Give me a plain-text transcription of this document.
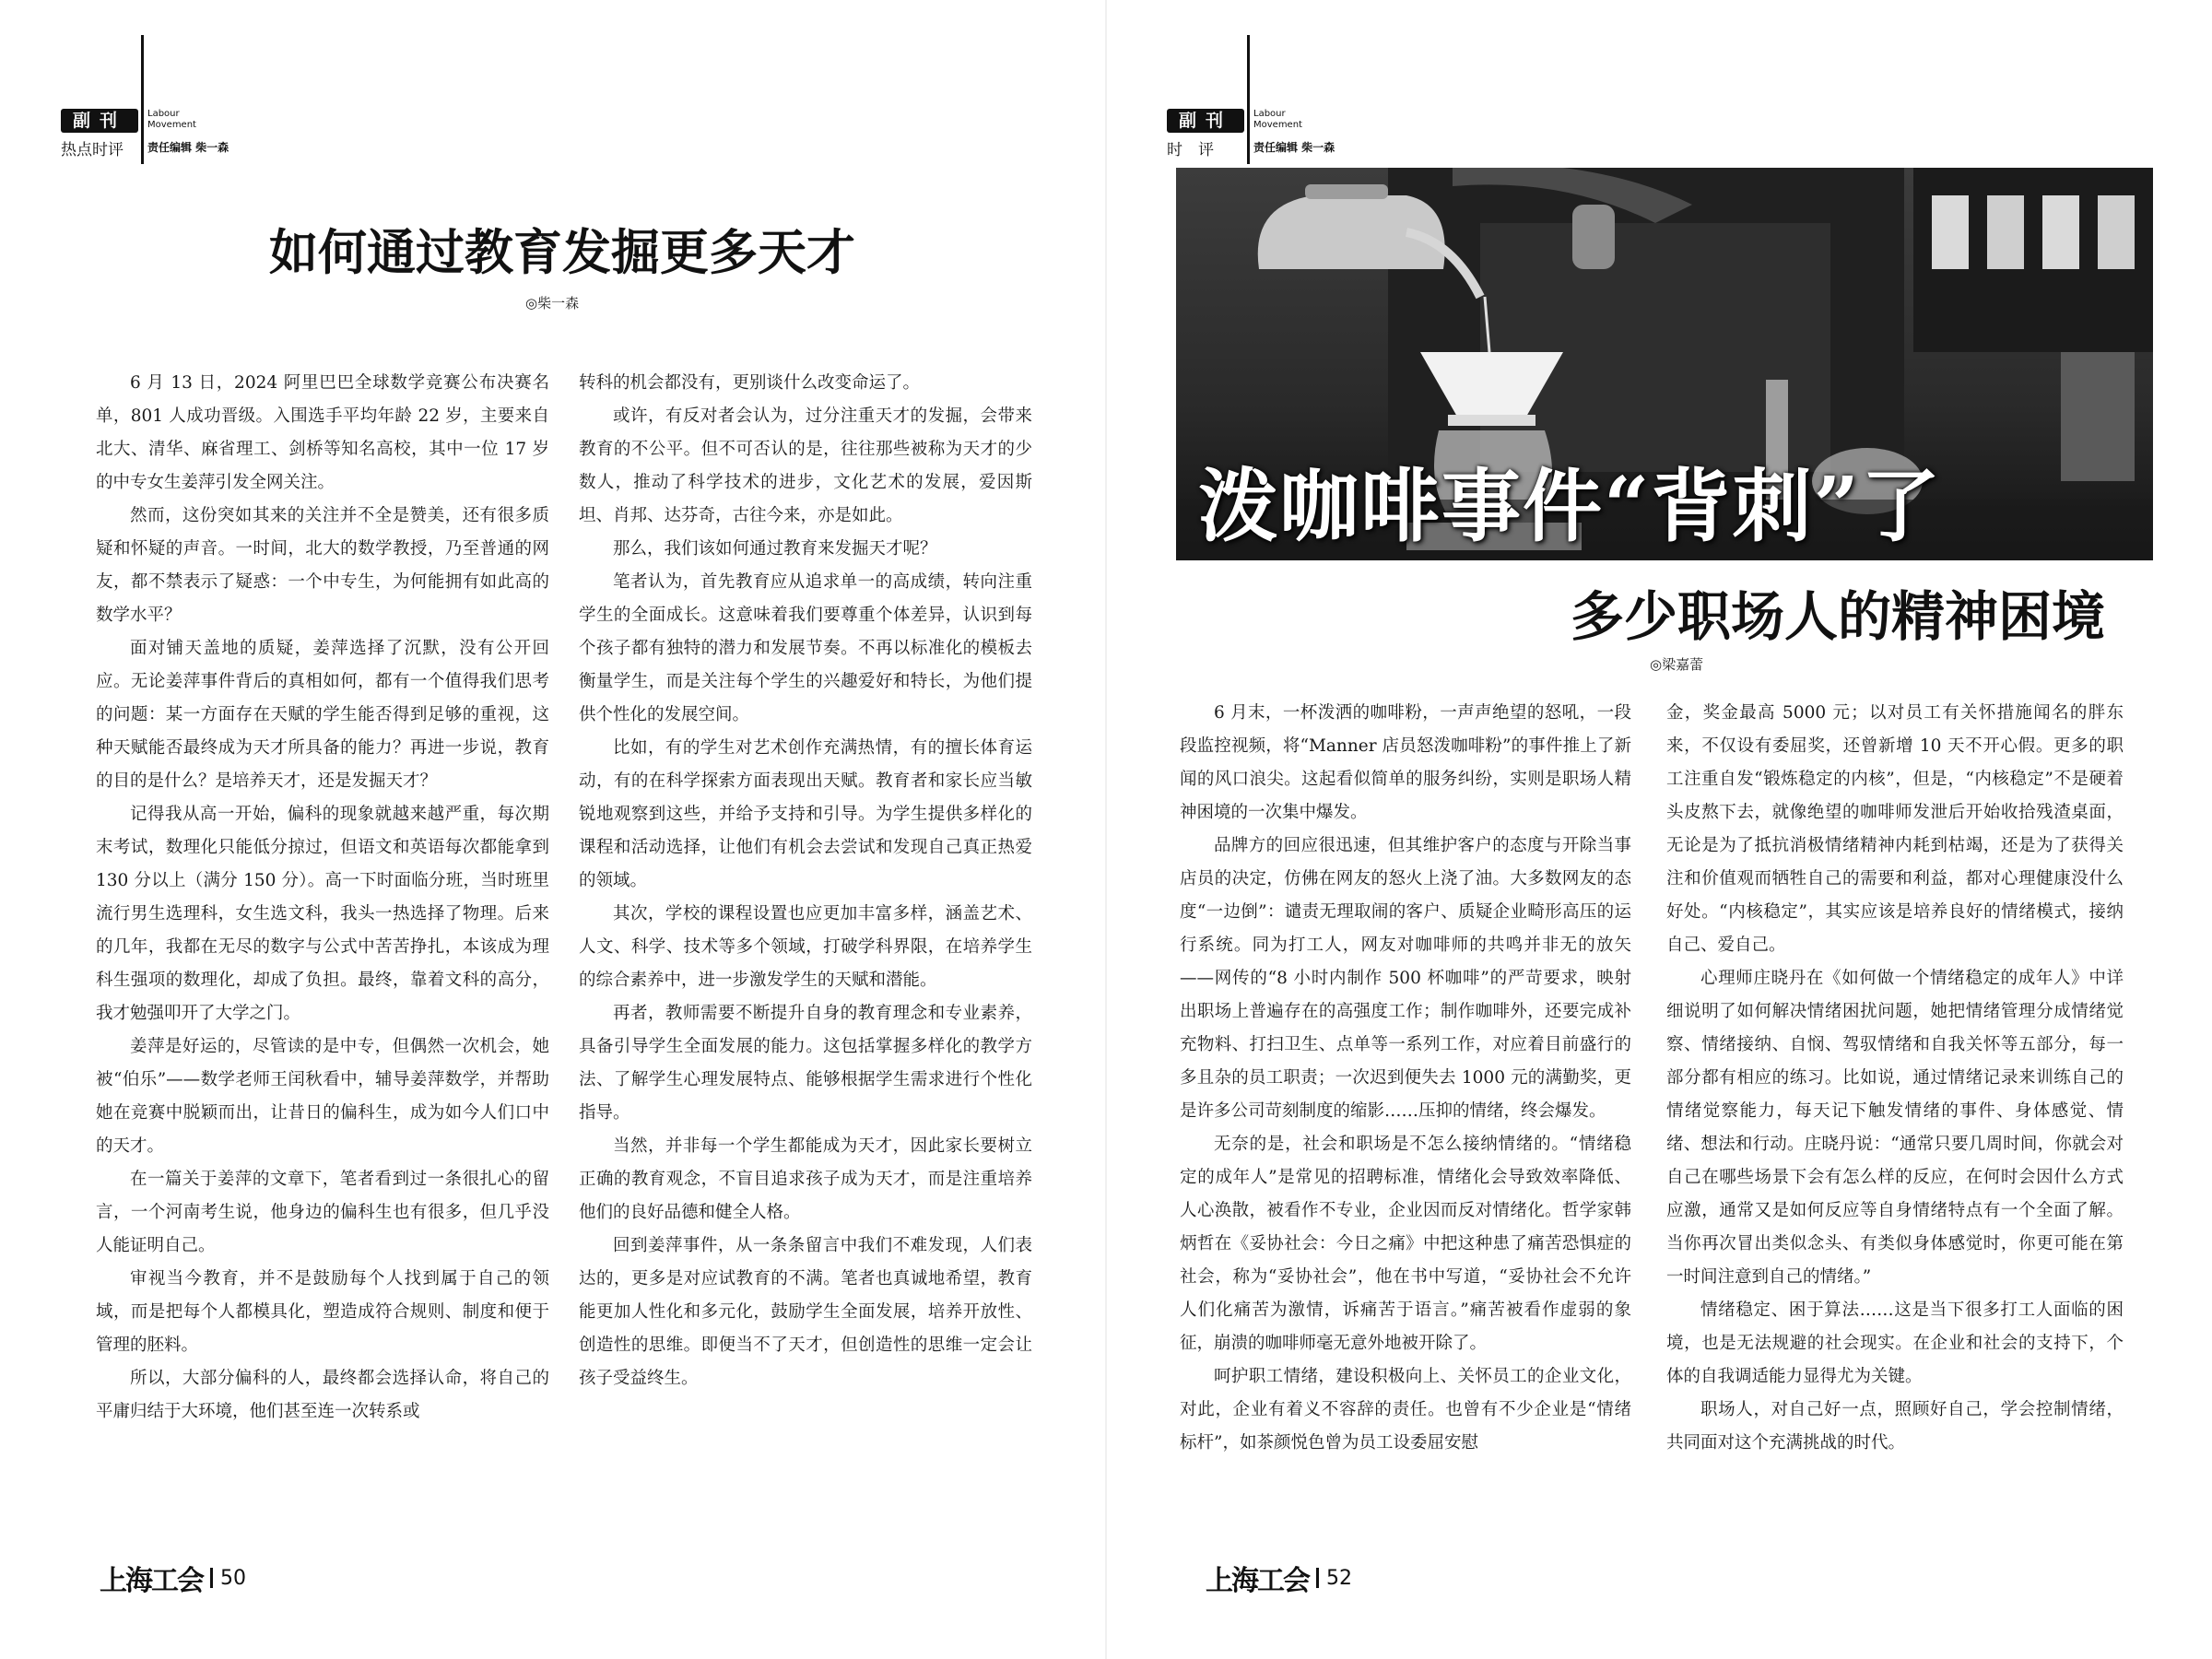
副刊	Labour
Movement
热点时评 责任编辑 柴一森
如何通过教育发掘更多天才
◎柴一森

6 月 13 日，2024 阿里巴巴全球数学竞赛公布决赛名单，801 人成功晋级。入围选手平均年龄 22 岁，主要来自北大、清华、麻省理工、剑桥等知名高校，其中一位 17 岁的中专女生姜萍引发全网关注。

然而，这份突如其来的关注并不全是赞美，还有很多质疑和怀疑的声音。一时间，北大的数学教授，乃至普通的网友，都不禁表示了疑惑：一个中专生，为何能拥有如此高的数学水平？

面对铺天盖地的质疑，姜萍选择了沉默，没有公开回应。无论姜萍事件背后的真相如何，都有一个值得我们思考的问题：某一方面存在天赋的学生能否得到足够的重视，这种天赋能否最终成为天才所具备的能力？再进一步说，教育的目的是什么？是培养天才，还是发掘天才？

记得我从高一开始，偏科的现象就越来越严重，每次期末考试，数理化只能低分掠过，但语文和英语每次都能拿到 130 分以上（满分 150 分）。高一下时面临分班，当时班里流行男生选理科，女生选文科，我头一热选择了物理。后来的几年，我都在无尽的数字与公式中苦苦挣扎，本该成为理科生强项的数理化，却成了负担。最终，靠着文科的高分，我才勉强叩开了大学之门。

姜萍是好运的，尽管读的是中专，但偶然一次机会，她被“伯乐”——数学老师王闰秋看中，辅导姜萍数学，并帮助她在竞赛中脱颖而出，让昔日的偏科生，成为如今人们口中的天才。

在一篇关于姜萍的文章下，笔者看到过一条很扎心的留言，一个河南考生说，他身边的偏科生也有很多，但几乎没人能证明自己。

审视当今教育，并不是鼓励每个人找到属于自己的领域，而是把每个人都模具化，塑造成符合规则、制度和便于管理的胚料。

所以，大部分偏科的人，最终都会选择认命，将自己的平庸归结于大环境，他们甚至连一次转系或

转科的机会都没有，更别谈什么改变命运了。

或许，有反对者会认为，过分注重天才的发掘，会带来教育的不公平。但不可否认的是，往往那些被称为天才的少数人，推动了科学技术的进步，文化艺术的发展，爱因斯坦、肖邦、达芬奇，古往今来，亦是如此。

那么，我们该如何通过教育来发掘天才呢？

笔者认为，首先教育应从追求单一的高成绩，转向注重学生的全面成长。这意味着我们要尊重个体差异，认识到每个孩子都有独特的潜力和发展节奏。不再以标准化的模板去衡量学生，而是关注每个学生的兴趣爱好和特长，为他们提供个性化的发展空间。

比如，有的学生对艺术创作充满热情，有的擅长体育运动，有的在科学探索方面表现出天赋。教育者和家长应当敏锐地观察到这些，并给予支持和引导。为学生提供多样化的课程和活动选择，让他们有机会去尝试和发现自己真正热爱的领域。

其次，学校的课程设置也应更加丰富多样，涵盖艺术、人文、科学、技术等多个领域，打破学科界限，在培养学生的综合素养中，进一步激发学生的天赋和潜能。

再者，教师需要不断提升自身的教育理念和专业素养，具备引导学生全面发展的能力。这包括掌握多样化的教学方法、了解学生心理发展特点、能够根据学生需求进行个性化指导。

当然，并非每一个学生都能成为天才，因此家长要树立正确的教育观念，不盲目追求孩子成为天才，而是注重培养他们的良好品德和健全人格。

回到姜萍事件，从一条条留言中我们不难发现，人们表达的，更多是对应试教育的不满。笔者也真诚地希望，教育能更加人性化和多元化，鼓励学生全面发展，培养开放性、创造性的思维。即便当不了天才，但创造性的思维一定会让孩子受益终生。

上海工会 50
副刊	Labour
Movement
时　评	责任编辑 柴一森
泼咖啡事件“背刺”了
多少职场人的精神困境
◎梁嘉蕾

6 月末，一杯泼洒的咖啡粉，一声声绝望的怒吼，一段段监控视频，将“Manner 店员怒泼咖啡粉”的事件推上了新闻的风口浪尖。这起看似简单的服务纠纷，实则是职场人精神困境的一次集中爆发。

品牌方的回应很迅速，但其维护客户的态度与开除当事店员的决定，仿佛在网友的怒火上浇了油。大多数网友的态度“一边倒”：谴责无理取闹的客户、质疑企业畸形高压的运行系统。同为打工人，网友对咖啡师的共鸣并非无的放矢——网传的“8 小时内制作 500 杯咖啡”的严苛要求，映射出职场上普遍存在的高强度工作；制作咖啡外，还要完成补充物料、打扫卫生、点单等一系列工作，对应着目前盛行的多且杂的员工职责；一次迟到便失去 1000 元的满勤奖，更是许多公司苛刻制度的缩影……压抑的情绪，终会爆发。

无奈的是，社会和职场是不怎么接纳情绪的。“情绪稳定的成年人”是常见的招聘标准，情绪化会导致效率降低、人心涣散，被看作不专业，企业因而反对情绪化。哲学家韩炳哲在《妥协社会：今日之痛》中把这种患了痛苦恐惧症的社会，称为“妥协社会”，他在书中写道，“妥协社会不允许人们化痛苦为激情，诉痛苦于语言。”痛苦被看作虚弱的象征，崩溃的咖啡师毫无意外地被开除了。

呵护职工情绪，建设积极向上、关怀员工的企业文化，对此，企业有着义不容辞的责任。也曾有不少企业是“情绪标杆”，如茶颜悦色曾为员工设委屈安慰

金，奖金最高 5000 元；以对员工有关怀措施闻名的胖东来，不仅设有委屈奖，还曾新增 10 天不开心假。更多的职工注重自发“锻炼稳定的内核”，但是，“内核稳定”不是硬着头皮熬下去，就像绝望的咖啡师发泄后开始收拾残渣桌面，无论是为了抵抗消极情绪精神内耗到枯竭，还是为了获得关注和价值观而牺牲自己的需要和利益，都对心理健康没什么好处。“内核稳定”，其实应该是培养良好的情绪模式，接纳自己、爱自己。

心理师庄晓丹在《如何做一个情绪稳定的成年人》中详细说明了如何解决情绪困扰问题，她把情绪管理分成情绪觉察、情绪接纳、自悯、驾驭情绪和自我关怀等五部分，每一部分都有相应的练习。比如说，通过情绪记录来训练自己的情绪觉察能力，每天记下触发情绪的事件、身体感觉、情绪、想法和行动。庄晓丹说：“通常只要几周时间，你就会对自己在哪些场景下会有怎么样的反应，在何时会因什么方式应激，通常又是如何反应等自身情绪特点有一个全面了解。当你再次冒出类似念头、有类似身体感觉时，你更可能在第一时间注意到自己的情绪。”

情绪稳定、困于算法……这是当下很多打工人面临的困境，也是无法规避的社会现实。在企业和社会的支持下，个体的自我调适能力显得尤为关键。

职场人，对自己好一点，照顾好自己，学会控制情绪，共同面对这个充满挑战的时代。

上海工会 52
